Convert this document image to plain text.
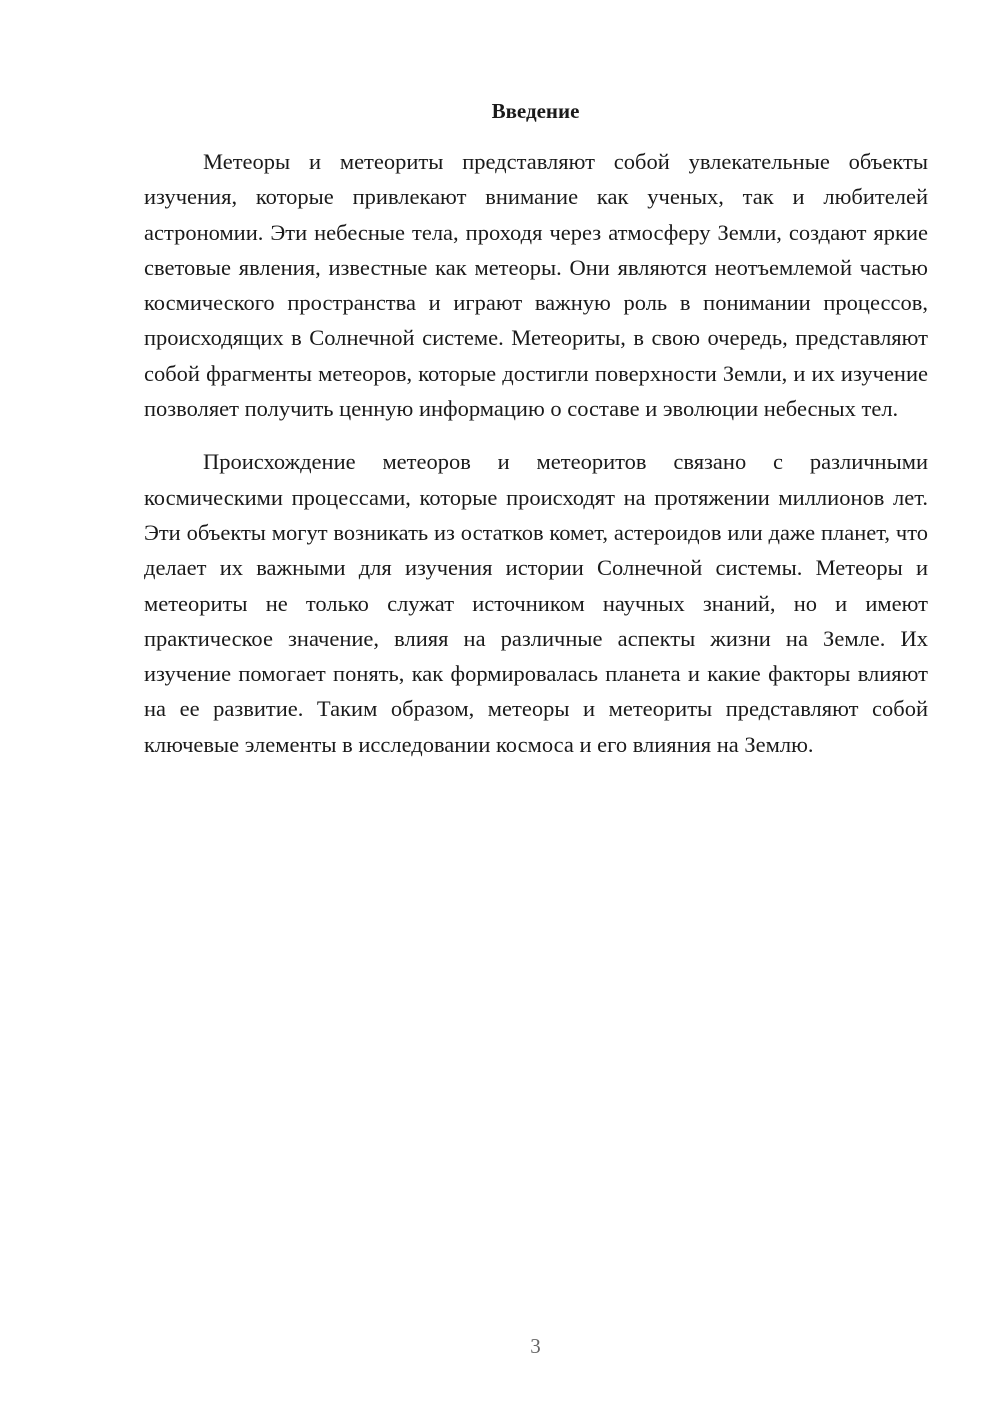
Введение

Метеоры и метеориты представляют собой увлекательные объекты изучения, которые привлекают внимание как ученых, так и любителей астрономии. Эти небесные тела, проходя через атмосферу Земли, создают яркие световые явления, известные как метеоры. Они являются неотъемлемой частью космического пространства и играют важную роль в понимании процессов, происходящих в Солнечной системе. Метеориты, в свою очередь, представляют собой фрагменты метеоров, которые достигли поверхности Земли, и их изучение позволяет получить ценную информацию о составе и эволюции небесных тел.

Происхождение метеоров и метеоритов связано с различными космическими процессами, которые происходят на протяжении миллионов лет. Эти объекты могут возникать из остатков комет, астероидов или даже планет, что делает их важными для изучения истории Солнечной системы. Метеоры и метеориты не только служат источником научных знаний, но и имеют практическое значение, влияя на различные аспекты жизни на Земле. Их изучение помогает понять, как формировалась планета и какие факторы влияют на ее развитие. Таким образом, метеоры и метеориты представляют собой ключевые элементы в исследовании космоса и его влияния на Землю.

3
